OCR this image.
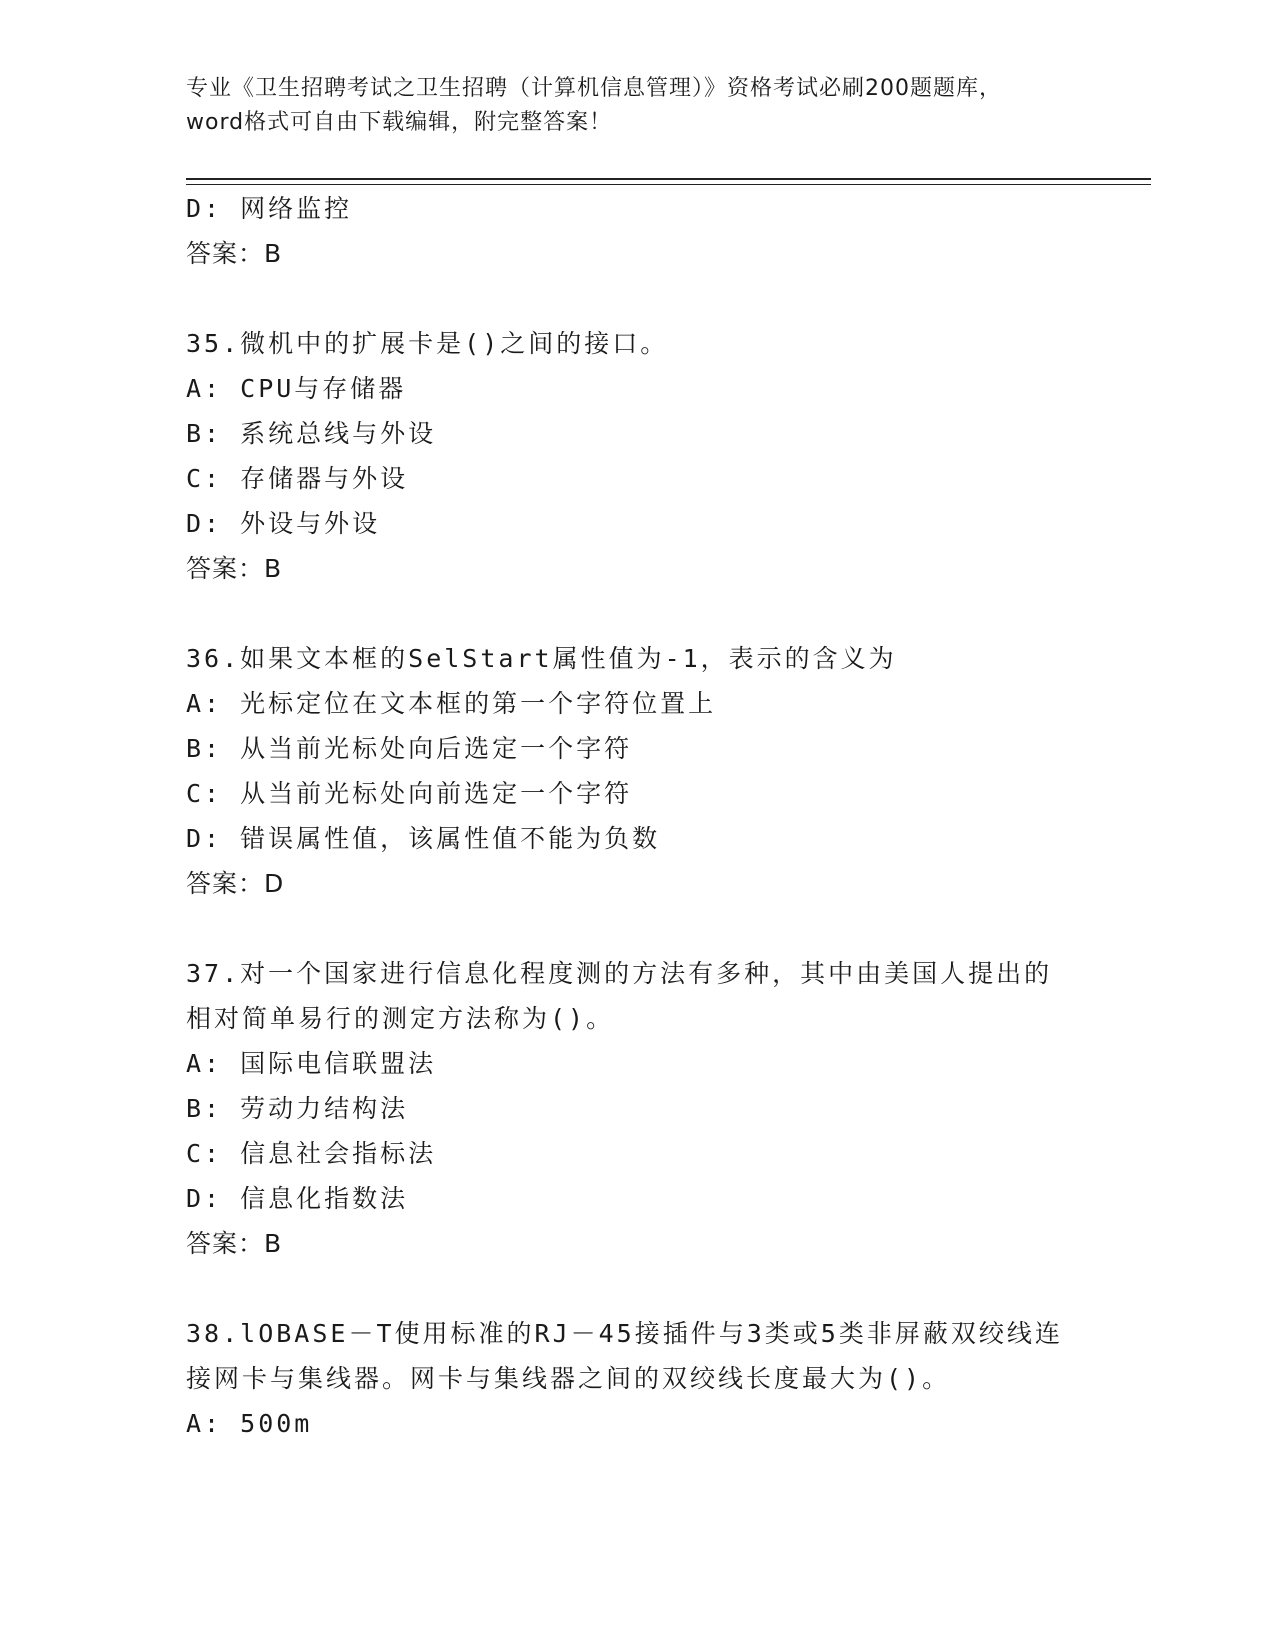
专业《卫生招聘考试之卫生招聘（计算机信息管理）》资格考试必刷200题题库，
word格式可自由下载编辑，附完整答案！
D: 网络监控
答案：B
35.微机中的扩展卡是()之间的接口。
A: CPU与存储器
B: 系统总线与外设
C: 存储器与外设
D: 外设与外设
答案：B
36.如果文本框的SelStart属性值为-1，表示的含义为
A: 光标定位在文本框的第一个字符位置上
B: 从当前光标处向后选定一个字符
C: 从当前光标处向前选定一个字符
D: 错误属性值，该属性值不能为负数
答案：D
37.对一个国家进行信息化程度测的方法有多种，其中由美国人提出的
相对简单易行的测定方法称为()。
A: 国际电信联盟法
B: 劳动力结构法
C: 信息社会指标法
D: 信息化指数法
答案：B
38.lOBASE－T使用标准的RJ－45接插件与3类或5类非屏蔽双绞线连
接网卡与集线器。网卡与集线器之间的双绞线长度最大为()。
A: 500m
